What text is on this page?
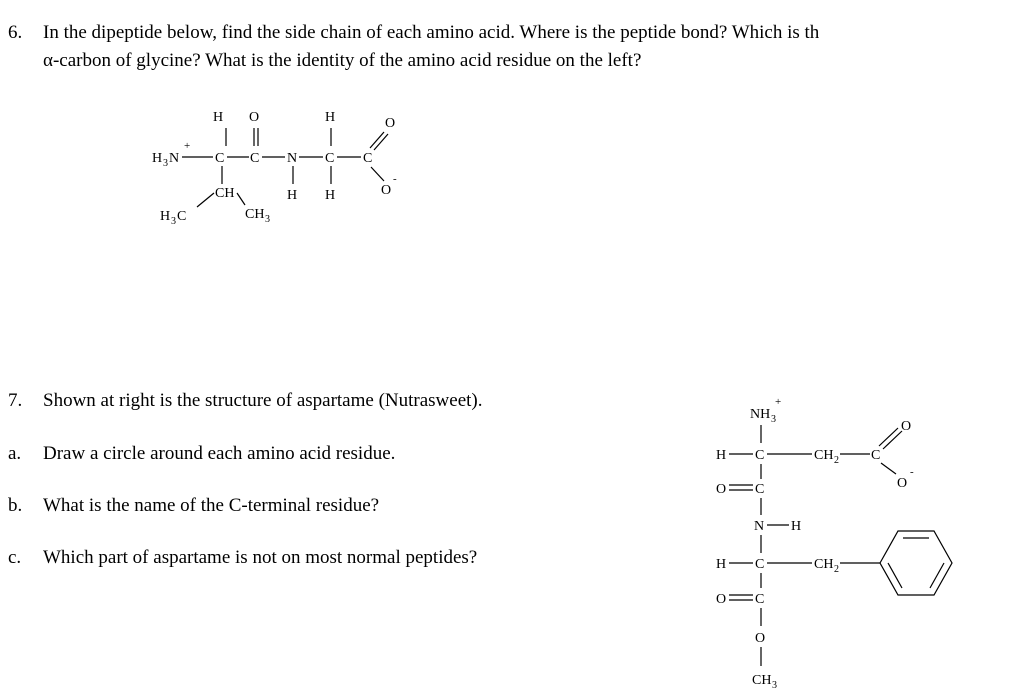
6. In the dipeptide below, find the side chain of each amino acid. Where is the peptide bond? Which is th
α-carbon of glycine? What is the identity of the amino acid residue on the left?
7. Shown at right is the structure of aspartame (Nutrasweet).
a. Draw a circle around each amino acid residue.
b. What is the name of the C-terminal residue?
c. Which part of aspartame is not on most normal peptides?
H O	H	O
H 3 N
+
C C N C C
H H	O
-
CH
H 3 C	CH 3
NH 3
+
H C	CH 2 C
O
O
-
O C
N H
H C	CH 2
O C
O
CH 3
